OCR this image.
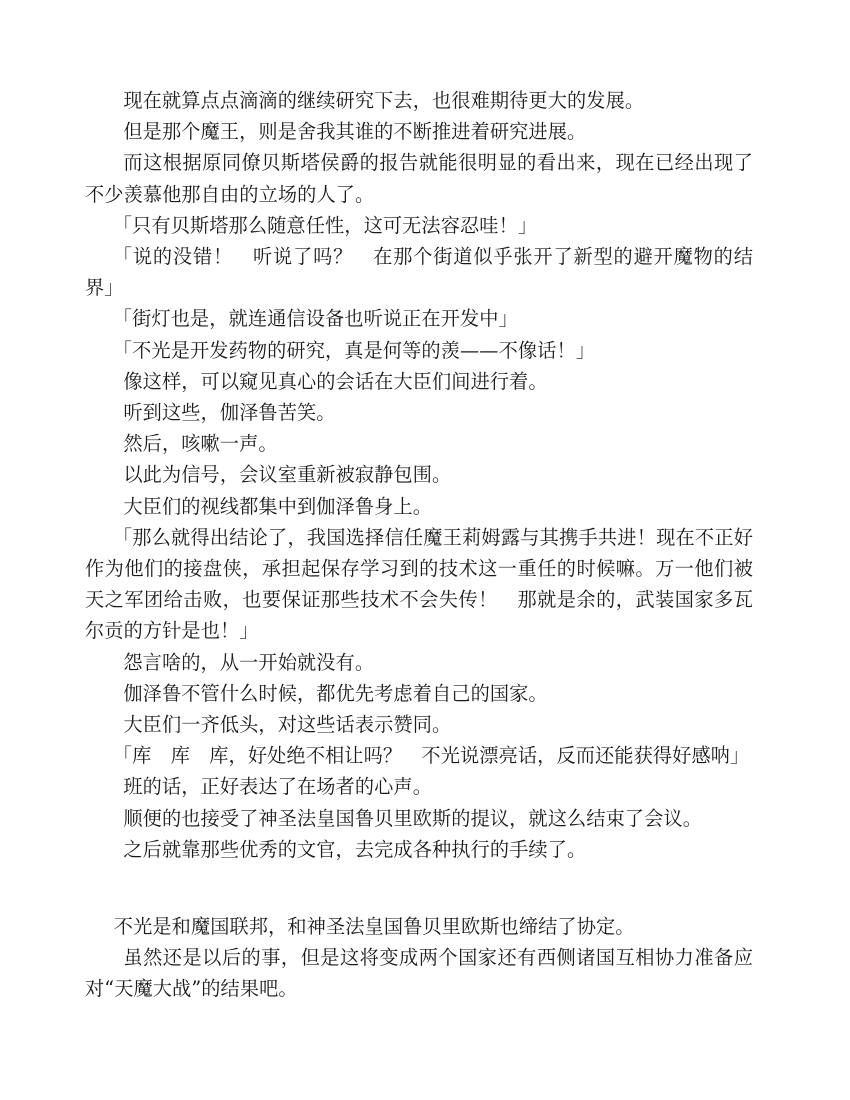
现在就算点点滴滴的继续研究下去，也很难期待更大的发展。

但是那个魔王，则是舍我其谁的不断推进着研究进展。

而这根据原同僚贝斯塔侯爵的报告就能很明显的看出来，现在已经出现了不少羡慕他那自由的立场的人了。

「只有贝斯塔那么随意任性，这可无法容忍哇！」

「说的没错！　听说了吗？　在那个街道似乎张开了新型的避开魔物的结界」

「街灯也是，就连通信设备也听说正在开发中」

「不光是开发药物的研究，真是何等的羡——不像话！」

像这样，可以窥见真心的会话在大臣们间进行着。

听到这些，伽泽鲁苦笑。

然后，咳嗽一声。

以此为信号，会议室重新被寂静包围。

大臣们的视线都集中到伽泽鲁身上。

「那么就得出结论了，我国选择信任魔王莉姆露与其携手共进！现在不正好作为他们的接盘侠，承担起保存学习到的技术这一重任的时候嘛。万一他们被天之军团给击败，也要保证那些技术不会失传！　那就是余的，武装国家多瓦尔贡的方针是也！」

怨言啥的，从一开始就没有。

伽泽鲁不管什么时候，都优先考虑着自己的国家。

大臣们一齐低头，对这些话表示赞同。

「库　库　库，好处绝不相让吗？　不光说漂亮话，反而还能获得好感呐」

班的话，正好表达了在场者的心声。

顺便的也接受了神圣法皇国鲁贝里欧斯的提议，就这么结束了会议。

之后就靠那些优秀的文官，去完成各种执行的手续了。

不光是和魔国联邦，和神圣法皇国鲁贝里欧斯也缔结了协定。

虽然还是以后的事，但是这将变成两个国家还有西侧诸国互相协力准备应对“天魔大战”的结果吧。
